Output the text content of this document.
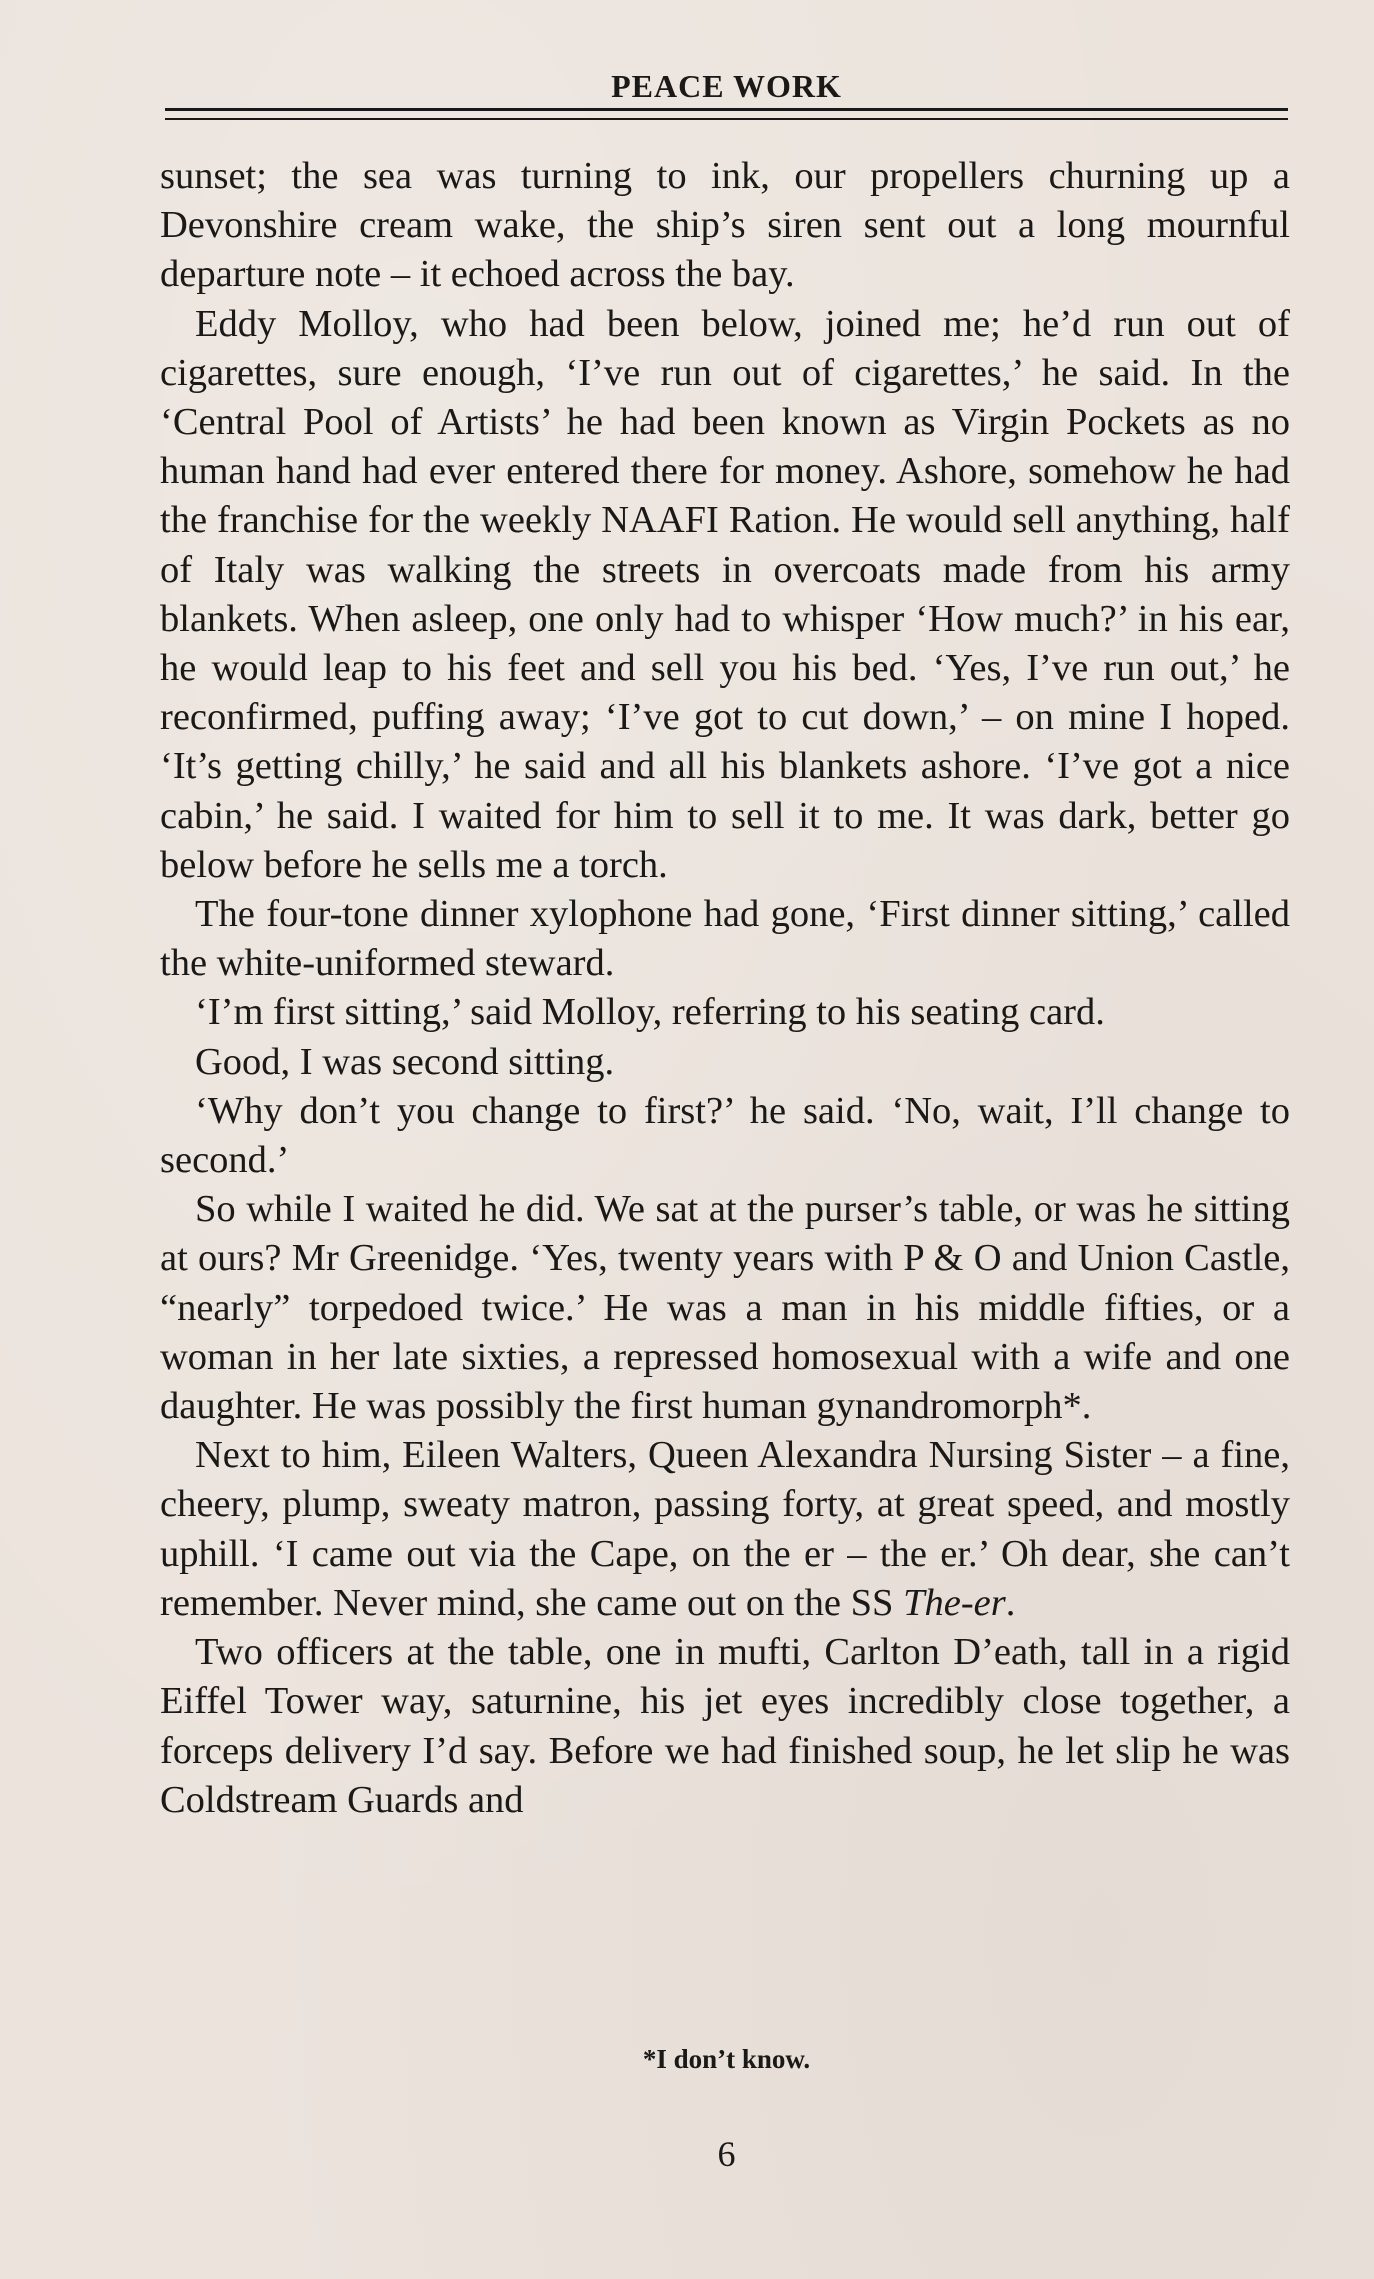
PEACE WORK

sunset; the sea was turning to ink, our propellers churning up a Devonshire cream wake, the ship’s siren sent out a long mournful departure note – it echoed across the bay.

Eddy Molloy, who had been below, joined me; he’d run out of cigarettes, sure enough, ‘I’ve run out of cigarettes,’ he said. In the ‘Central Pool of Artists’ he had been known as Virgin Pockets as no human hand had ever entered there for money. Ashore, somehow he had the franchise for the weekly NAAFI Ration. He would sell anything, half of Italy was walking the streets in overcoats made from his army blankets. When asleep, one only had to whisper ‘How much?’ in his ear, he would leap to his feet and sell you his bed. ‘Yes, I’ve run out,’ he reconfirmed, puffing away; ‘I’ve got to cut down,’ – on mine I hoped. ‘It’s getting chilly,’ he said and all his blankets ashore. ‘I’ve got a nice cabin,’ he said. I waited for him to sell it to me. It was dark, better go below before he sells me a torch.

The four-tone dinner xylophone had gone, ‘First dinner sitting,’ called the white-uniformed steward.

‘I’m first sitting,’ said Molloy, referring to his seating card.

Good, I was second sitting.

‘Why don’t you change to first?’ he said. ‘No, wait, I’ll change to second.’

So while I waited he did. We sat at the purser’s table, or was he sitting at ours? Mr Greenidge. ‘Yes, twenty years with P & O and Union Castle, “nearly” torpedoed twice.’ He was a man in his middle fifties, or a woman in her late sixties, a repressed homosexual with a wife and one daughter. He was possibly the first human gynandromorph*.

Next to him, Eileen Walters, Queen Alexandra Nursing Sister – a fine, cheery, plump, sweaty matron, passing forty, at great speed, and mostly uphill. ‘I came out via the Cape, on the er – the er.’ Oh dear, she can’t remember. Never mind, she came out on the SS The-er.

Two officers at the table, one in mufti, Carlton D’eath, tall in a rigid Eiffel Tower way, saturnine, his jet eyes incredibly close together, a forceps delivery I’d say. Before we had finished soup, he let slip he was Coldstream Guards and

*I don’t know.
6
